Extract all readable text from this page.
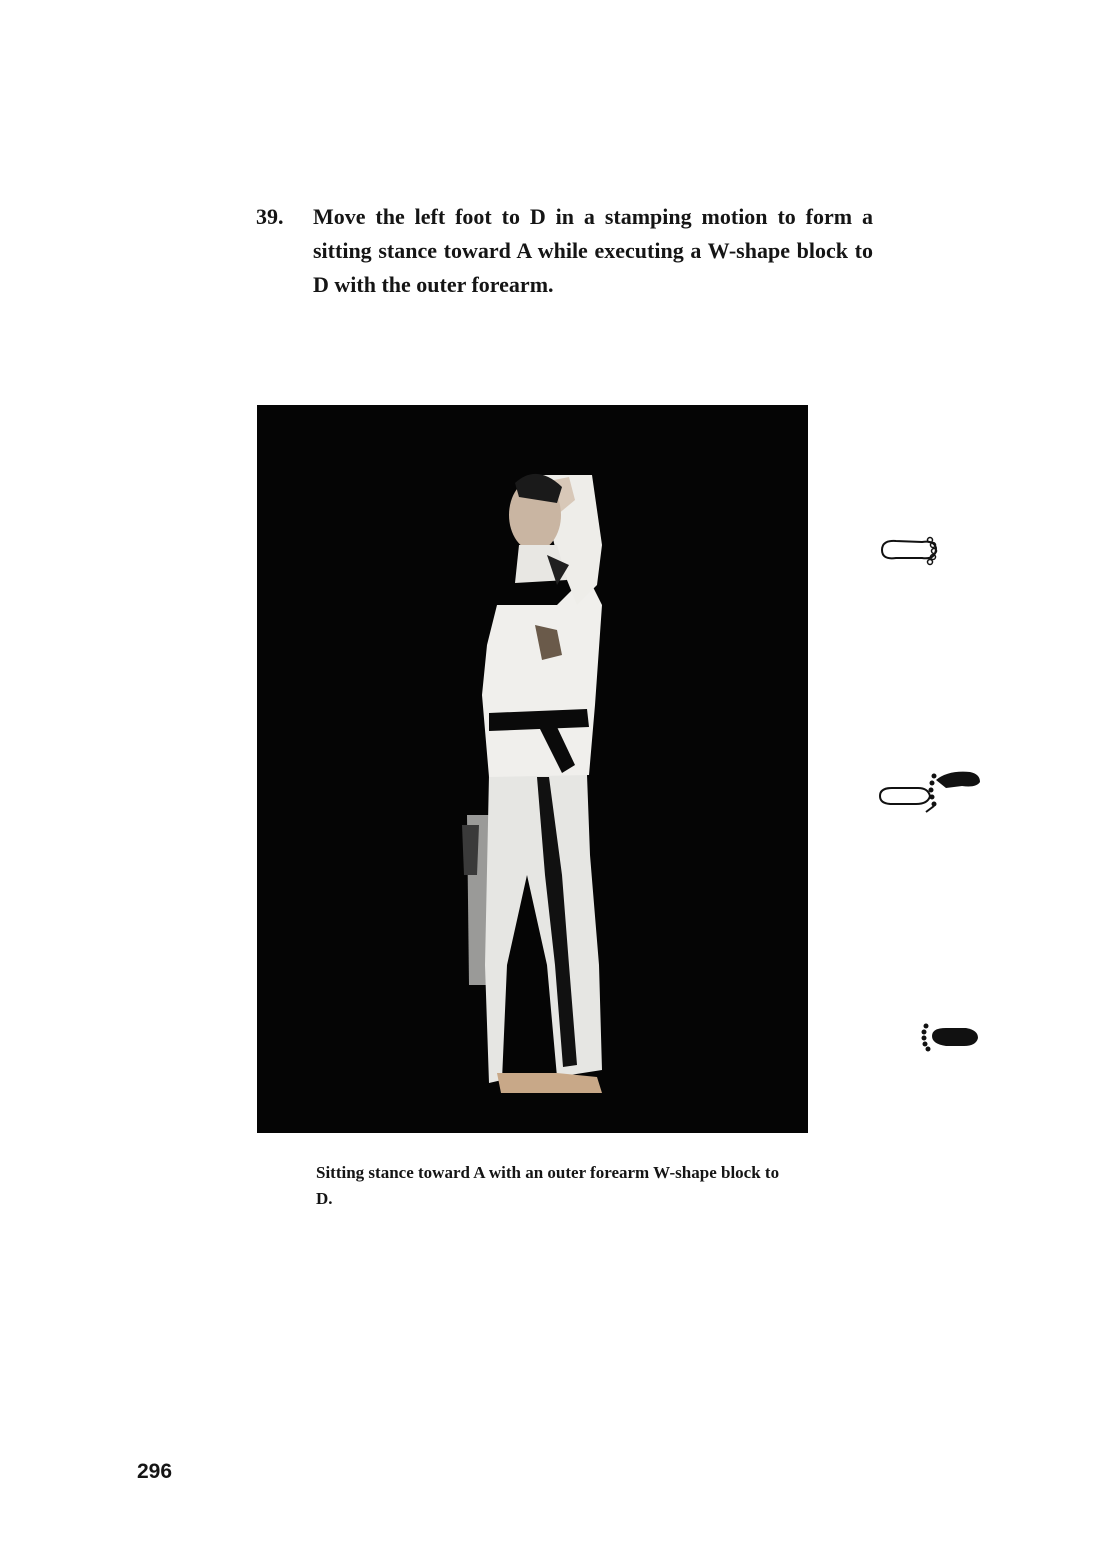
39. Move the left foot to D in a stamping motion to form a sitting stance toward A while executing a W-shape block to D with the outer forearm.
Sitting stance toward A with an outer forearm W-shape block to D.
296
